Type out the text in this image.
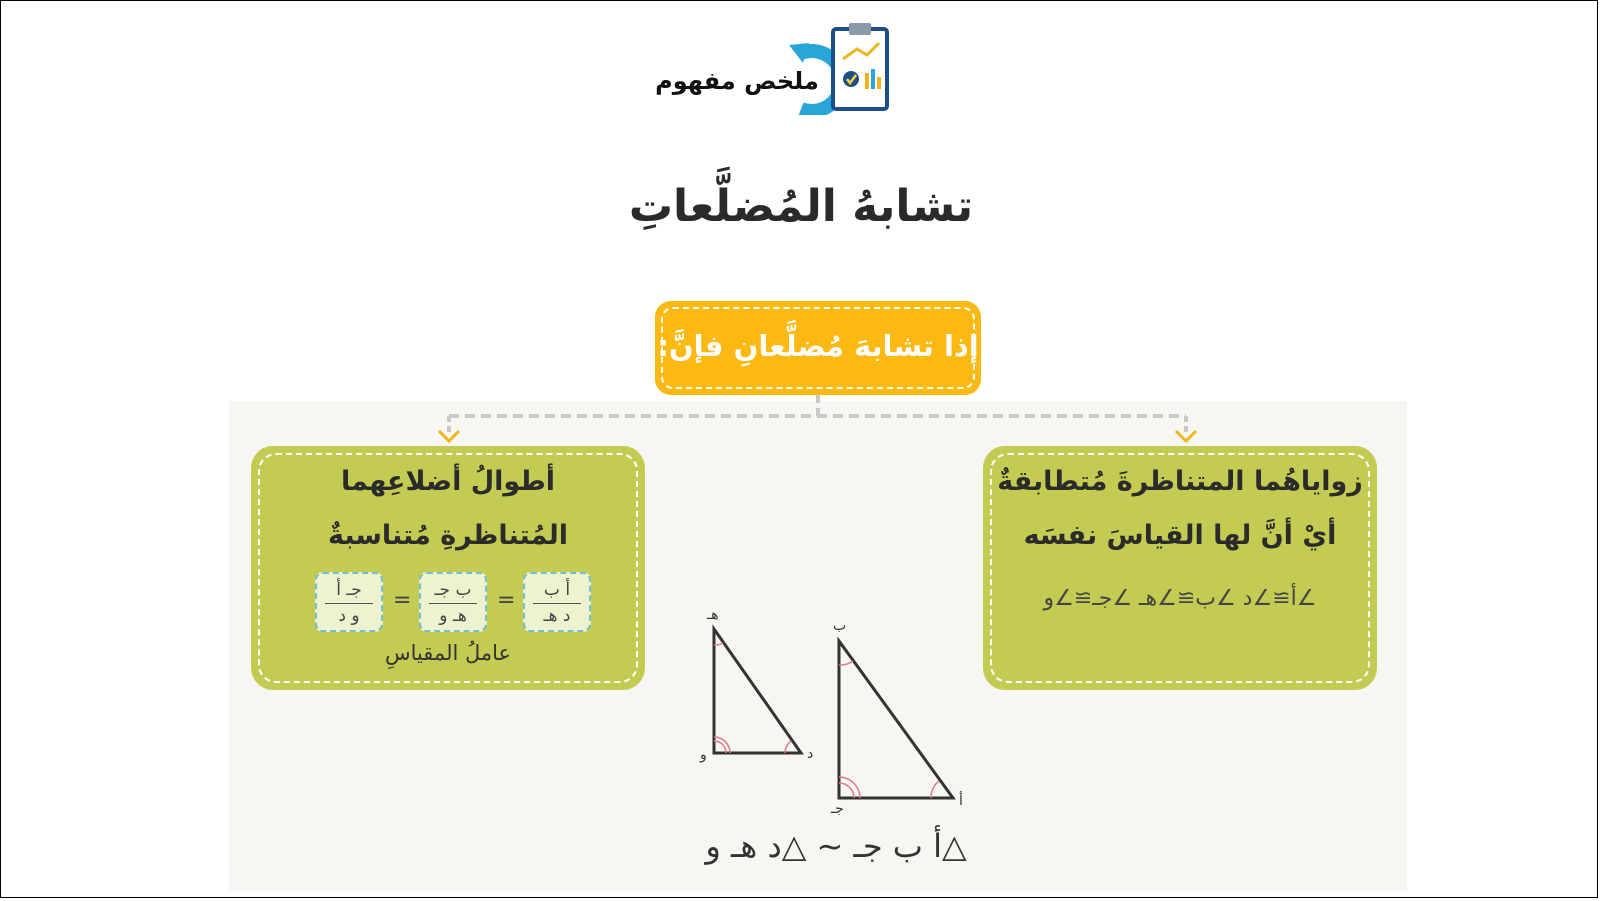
ملخص مفهوم
تشابهُ المُضلَّعاتِ
إذا تشابهَ مُضلَّعانِ فإنَّ:
أطوالُ أضلاعِهما
المُتناظرةِ مُتناسبةٌ
جـ أ
و د
=	ب جـ
هـ و
=	أ ب
د هـ
عاملُ المقياسِ
زواياهُما المتناظرةَ مُتطابقةٌ
أيْ أنَّ لها القياسَ نفسَه
∠أ≅∠د ∠ب≅∠هـ ∠جـ≅∠و
هـ
و	د
ب
جـ	أ
△أ ب جـ ~ △د هـ و
